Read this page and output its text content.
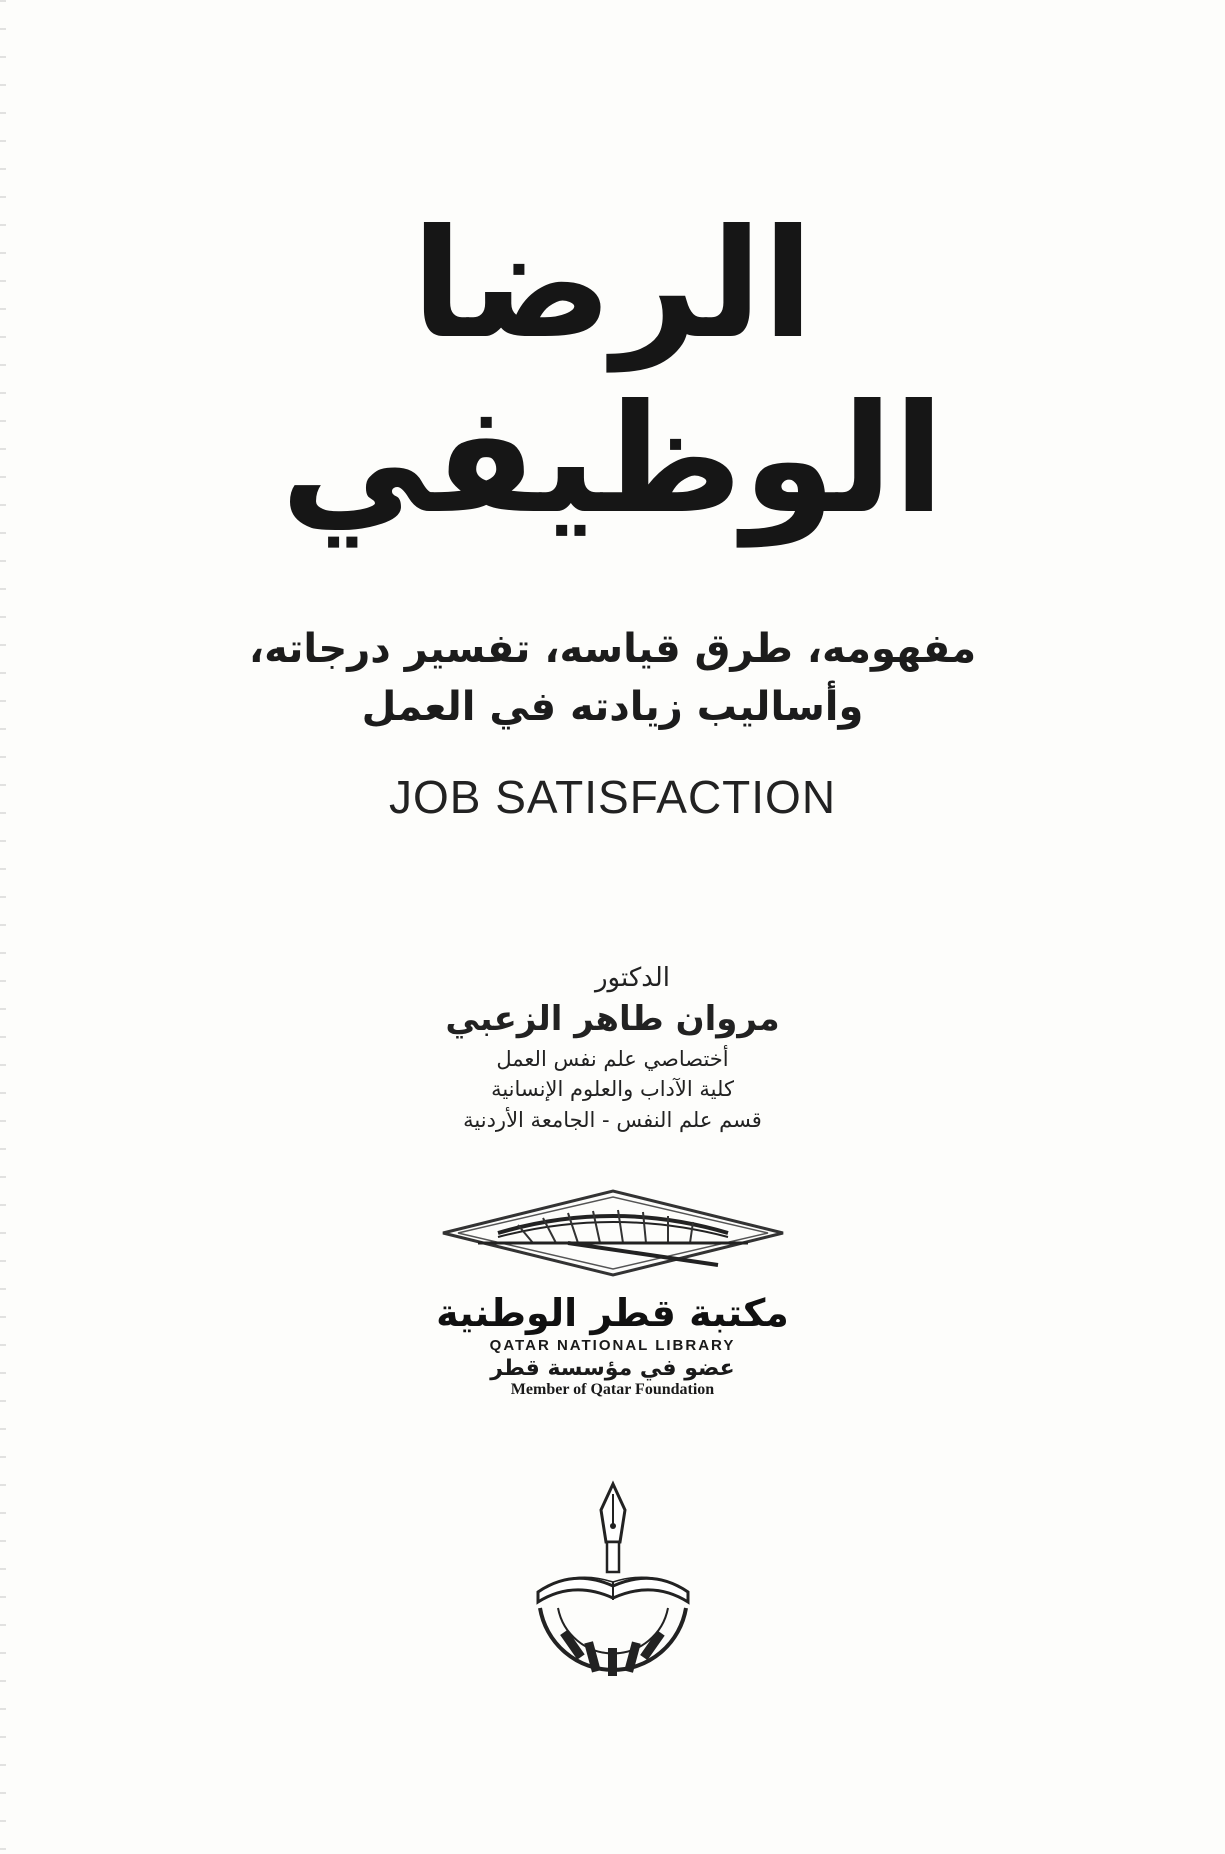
الرضا
الوظيفي
مفهومه، طرق قياسه، تفسير درجاته،
وأساليب زيادته في العمل
JOB SATISFACTION
الدكتور
مروان طاهر الزعبي
أختصاصي علم نفس العمل
كلية الآداب والعلوم الإنسانية
قسم علم النفس - الجامعة الأردنية
مكتبة قطر الوطنية
QATAR NATIONAL LIBRARY
عضو في مؤسسة قطر
Member of Qatar Foundation
